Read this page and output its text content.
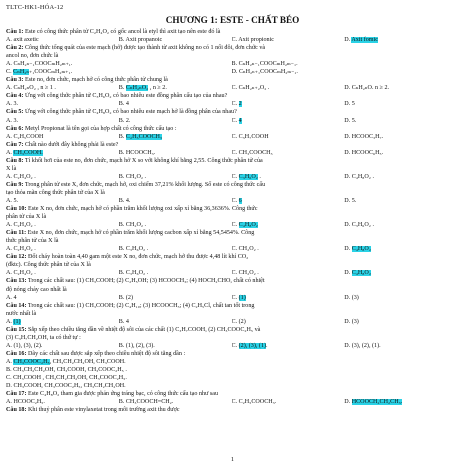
TLTC-HK1-HÓA-12
CHƯƠNG 1: ESTE - CHẤT BÉO
Câu 1: Este có công thức phân tử C₂H₄O₂ có gốc ancol là etyl thì axit tạo nên este đó là
A. axit axetic	B. Axit propanoic	C. Axit propionic	D. Axit fomic
Câu 2: Công thức tổng quát của este mạch (hở) được tạo thành từ axit không no có 1 nối đôi, đơn chức và
ancol no, đơn chức là
A. CₙH₂ₙ₋₁COOCₘH₂ₘ₊₁.	B. CₙH₂ₙ₋₁COOCₘH₂ₘ₋₁.
C. CₙH₂ₙ₊₁COOCₘH₂ₘ₊₁.	D. CₙH₂ₙ₊₁COOCₘH₂ₘ₋₁.
Câu 3: Este no, đơn chức, mạch hở có công thức phân tử chung là
A. CₙH₂ₙO₂ , n ≥ 1 .	B. CₙH₂ₙO₂ , n ≥ 2.	C. CₙH₂ₙ₊₂O₂ .	D. CₙH₂ₙO. n ≥ 2.
Câu 4: Ứng với công thức phân tử C₃H₆O₂ có bao nhiêu este đồng phân cấu tạo của nhau?
A. 3.	B. 4	C. 2	D. 5
Câu 5: Ứng với công thức phân tử C₄H₈O₂ có bao nhiêu este mạch hở là đồng phân của nhau?
A. 3.	B. 2.	C. 4	D. 5.
Câu 6: Metyl Propionat là tên gọi của hợp chất có công thức cấu tạo :
A. C₂H₅COOH	B. C₂H₅COOCH₃	C. C₃H₇COOH	D. HCOOC₃H₇.
Câu 7: Chất nào dưới đây không phải là este?
A. CH₃COOH.	B. HCOOCH₃.	C. CH₃COOCH₃	D. HCOOC₆H₅.
Câu 8: Tỉ khối hơi của este no, đơn chức, mạch hở X so với không khí bằng 2,55. Công thức phân tử của
X là
A. C₂H₄O₂ .	B. CH₂O₂ .	C. C₃H₆O₂ .	D. C₄H₈O₂ .
Câu 9: Trong phân tử este X, đơn chức, mạch hở, oxi chiếm 37,21% khối lượng. Số este có công thức cấu
tạo thỏa mãn công thức phân tử của X là
A. 5.	B. 4.	C. 6	D. 5.
Câu 10: Este X no, đơn chức, mạch hở có phần trăm khối lượng oxi xấp xỉ bằng 36,3636%. Công thức
phân tử của X là
A. C₂H₄O₂ .	B. CH₂O₂ .	C. C₄H₈O₂	D. C₃H₆O₂ .
Câu 11: Este X no, đơn chức, mạch hở có phần trăm khối lượng cacbon xấp xỉ bằng 54,5454%. Công
thức phân tử của X là
A. C₂H₄O₂ .	B. C₃H₆O₂ .	C. CH₂O₂ .	D. C₄H₈O₂
Câu 12: Đốt cháy hoàn toàn 4,40 gam một este X no, đơn chức, mạch hở thu được 4,48 lít khí CO₂
(đktc). Công thức phân tử của X là
A. C₂H₄O₂ .	B. C₃H₆O₂ .	C. CH₂O₂ .	D. C₄H₈O₂
Câu 13: Trong các chất sau: (1) CH₃COOH; (2) C₂H₅OH; (3) HCOOCH₃; (4) HOCH₂CHO, chất có nhiệt
độ nóng chảy cao nhất là
A. 4	B. (2)	C. (1)	D. (3)
Câu 14: Trong các chất sau: (1) CH₃COOH; (2) C₄H₁₀; (3) HCOOCH₃; (4) C₂H₅Cl, chất tan tốt trong
nước nhất là
A. (1)	B. 4	C. (2)	D. (3)
Câu 15: Sắp xếp theo chiều tăng dần về nhiệt độ sôi của các chất (1) C₃H₇COOH, (2) CH₃COOC₂H₅ và
(3) C₃H₇CH₂OH, ta có thứ tự :
A. (1), (3), (2).	B. (1), (2), (3).	C. (2), (3), (1).	D. (3), (2), (1).
Câu 16: Dãy các chất sau được sắp xếp theo chiều nhiệt độ sôi tăng dần :
A. CH₃COOC₂H₅, CH₃CH₂CH₂OH, CH₃COOH.
B. CH₃CH₂CH₂OH, CH₃COOH, CH₃COOC₂H₅ .
C. CH₃COOH , CH₃CH₂CH₂OH, CH₃COOC₂H₅.
D. CH₃COOH, CH₃COOC₂H₅, CH₃CH₂CH₂OH.
Câu 17: Este C₄H₈O₂ tham gia được phản ứng tráng bạc, có công thức cấu tạo như sau
A. HCOOC₂H₅.	B. CH₃COOCH=CH₂.	C. C₂H₅COOCH₃.	D. HCOOCH₂CH₂CH₃.
Câu 18: Khi thuỷ phân este vinylaxetat trong môi trường axit thu được
1
